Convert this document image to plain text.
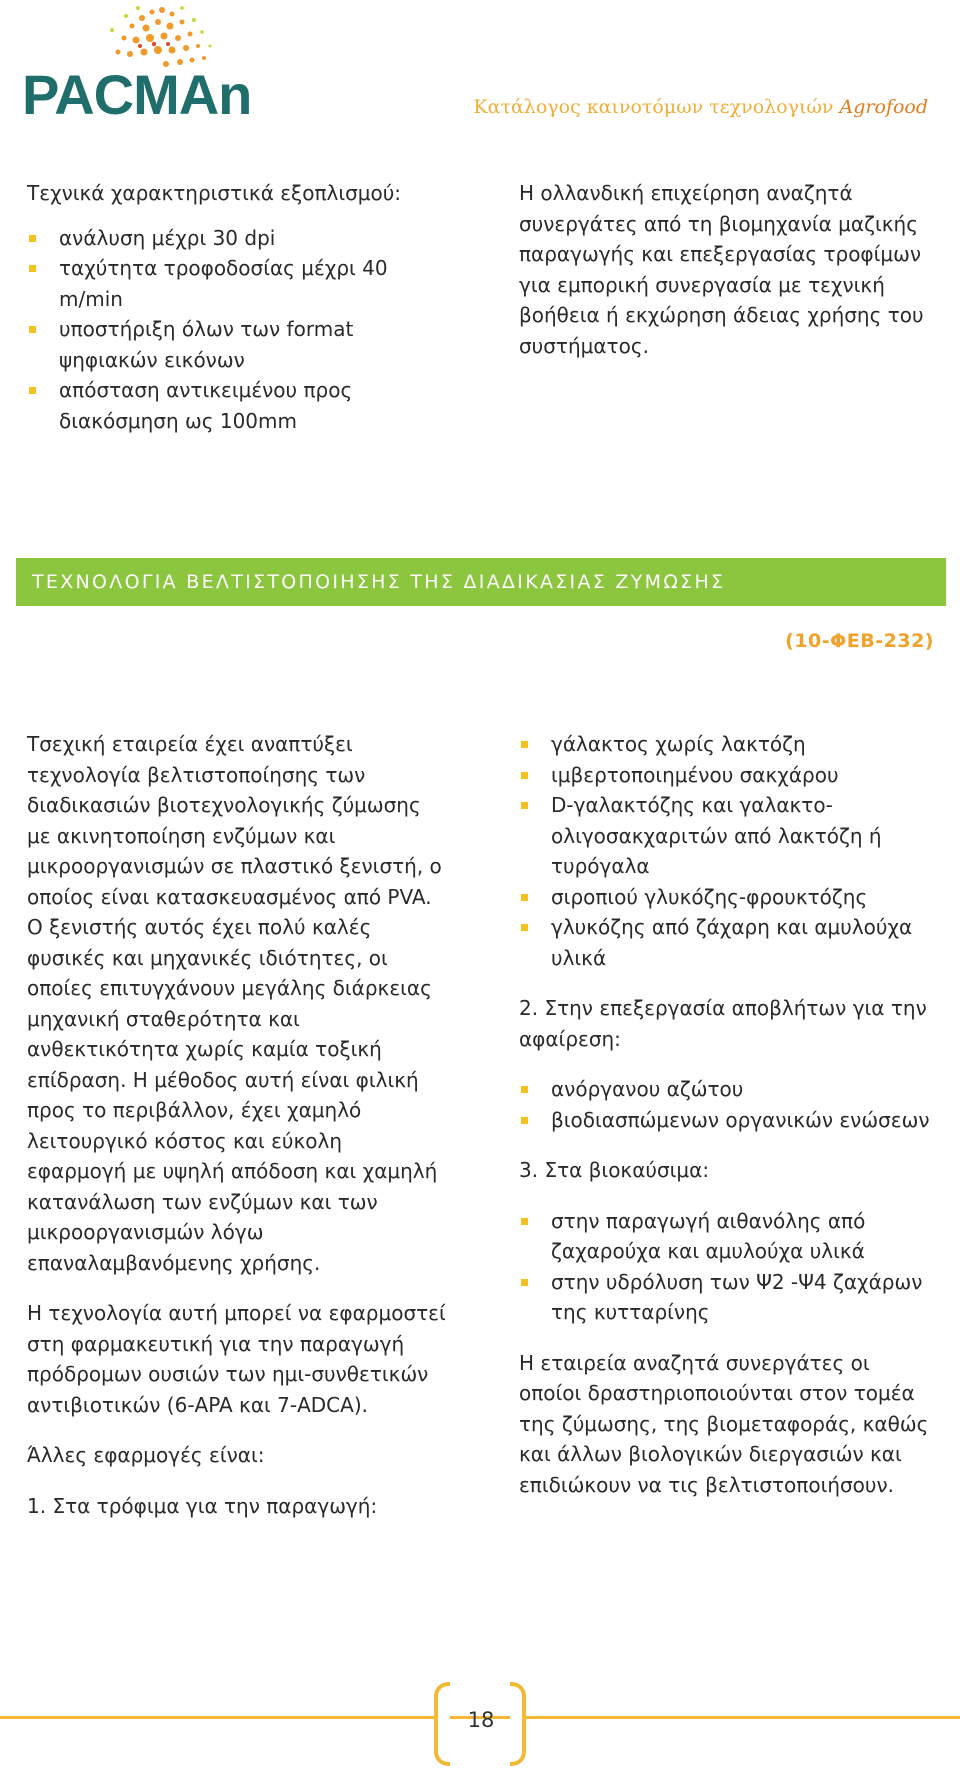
PACMAn	Κατάλογος καινοτόμων τεχνολογιών Agrofood

Τεχνικά χαρακτηριστικά εξοπλισμού:

ανάλυση μέχρι 30 dpi
ταχύτητα τροφοδοσίας μέχρι 40 m/min
υποστήριξη όλων των format ψηφιακών εικόνων
απόσταση αντικειμένου προς διακόσμηση ως 100mm

Η ολλανδική επιχείρηση αναζητά συνεργάτες από τη βιομηχανία μαζικής παραγωγής και επεξεργασίας τροφίμων για εμπορική συνεργασία με τεχνική βοήθεια ή εκχώρηση άδειας χρήσης του συστήματος.

ΤΕΧΝΟΛΟΓΙΑ ΒΕΛΤΙΣΤΟΠΟΙΗΣΗΣ ΤΗΣ ΔΙΑΔΙΚΑΣΙΑΣ ΖΥΜΩΣΗΣ
(10-ΦΕΒ-232)

Τσεχική εταιρεία έχει αναπτύξει τεχνολογία βελτιστοποίησης των διαδικασιών βιοτεχνολογικής ζύμωσης με ακινητοποίηση ενζύμων και μικροοργανισμών σε πλαστικό ξενιστή, ο οποίος είναι κατασκευασμένος από PVA. Ο ξενιστής αυτός έχει πολύ καλές φυσικές και μηχανικές ιδιότητες, οι οποίες επιτυγχάνουν μεγάλης διάρκειας μηχανική σταθερότητα και ανθεκτικότητα χωρίς καμία τοξική επίδραση. Η μέθοδος αυτή είναι φιλική προς το περιβάλλον, έχει χαμηλό λειτουργικό κόστος και εύκολη εφαρμογή με υψηλή απόδοση και χαμηλή κατανάλωση των ενζύμων και των μικροοργανισμών λόγω επαναλαμβανόμενης χρήσης.

Η τεχνολογία αυτή μπορεί να εφαρμοστεί στη φαρμακευτική για την παραγωγή πρόδρομων ουσιών των ημι-συνθετικών αντιβιοτικών (6-APA και 7-ADCA).

Άλλες εφαρμογές είναι:

1. Στα τρόφιμα για την παραγωγή:

γάλακτος χωρίς λακτόζη
ιμβερτοποιημένου σακχάρου
D-γαλακτόζης και γαλακτο-ολιγοσακχαριτών από λακτόζη ή τυρόγαλα
σιροπιού γλυκόζης-φρουκτόζης
γλυκόζης από ζάχαρη και αμυλούχα υλικά

2. Στην επεξεργασία αποβλήτων για την αφαίρεση:

ανόργανου αζώτου
βιοδιασπώμενων οργανικών ενώσεων

3. Στα βιοκαύσιμα:

στην παραγωγή αιθανόλης από ζαχαρούχα και αμυλούχα υλικά
στην υδρόλυση των Ψ2 -Ψ4 ζαχάρων της κυτταρίνης

Η εταιρεία αναζητά συνεργάτες οι οποίοι δραστηριοποιούνται στον τομέα της ζύμωσης, της βιομεταφοράς, καθώς και άλλων βιολογικών διεργασιών και επιδιώκουν να τις βελτιστοποιήσουν.

18
